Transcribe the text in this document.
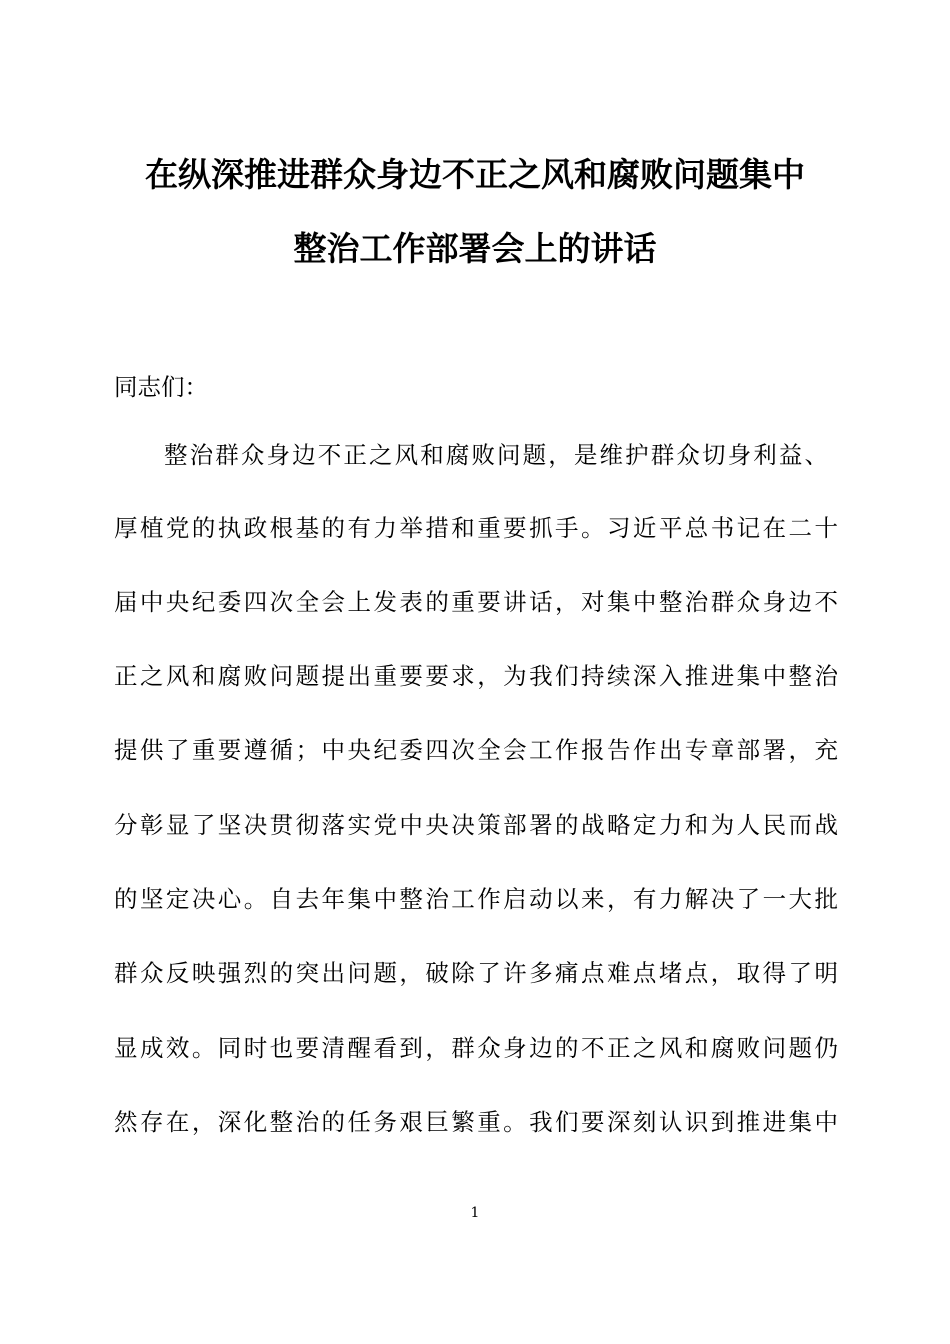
在纵深推进群众身边不正之风和腐败问题集中
整治工作部署会上的讲话
同志们：
整治群众身边不正之风和腐败问题，是维护群众切身利益、
厚植党的执政根基的有力举措和重要抓手。习近平总书记在二十
届中央纪委四次全会上发表的重要讲话，对集中整治群众身边不
正之风和腐败问题提出重要要求，为我们持续深入推进集中整治
提供了重要遵循；中央纪委四次全会工作报告作出专章部署，充
分彰显了坚决贯彻落实党中央决策部署的战略定力和为人民而战
的坚定决心。自去年集中整治工作启动以来，有力解决了一大批
群众反映强烈的突出问题，破除了许多痛点难点堵点，取得了明
显成效。同时也要清醒看到，群众身边的不正之风和腐败问题仍
然存在，深化整治的任务艰巨繁重。我们要深刻认识到推进集中
1
